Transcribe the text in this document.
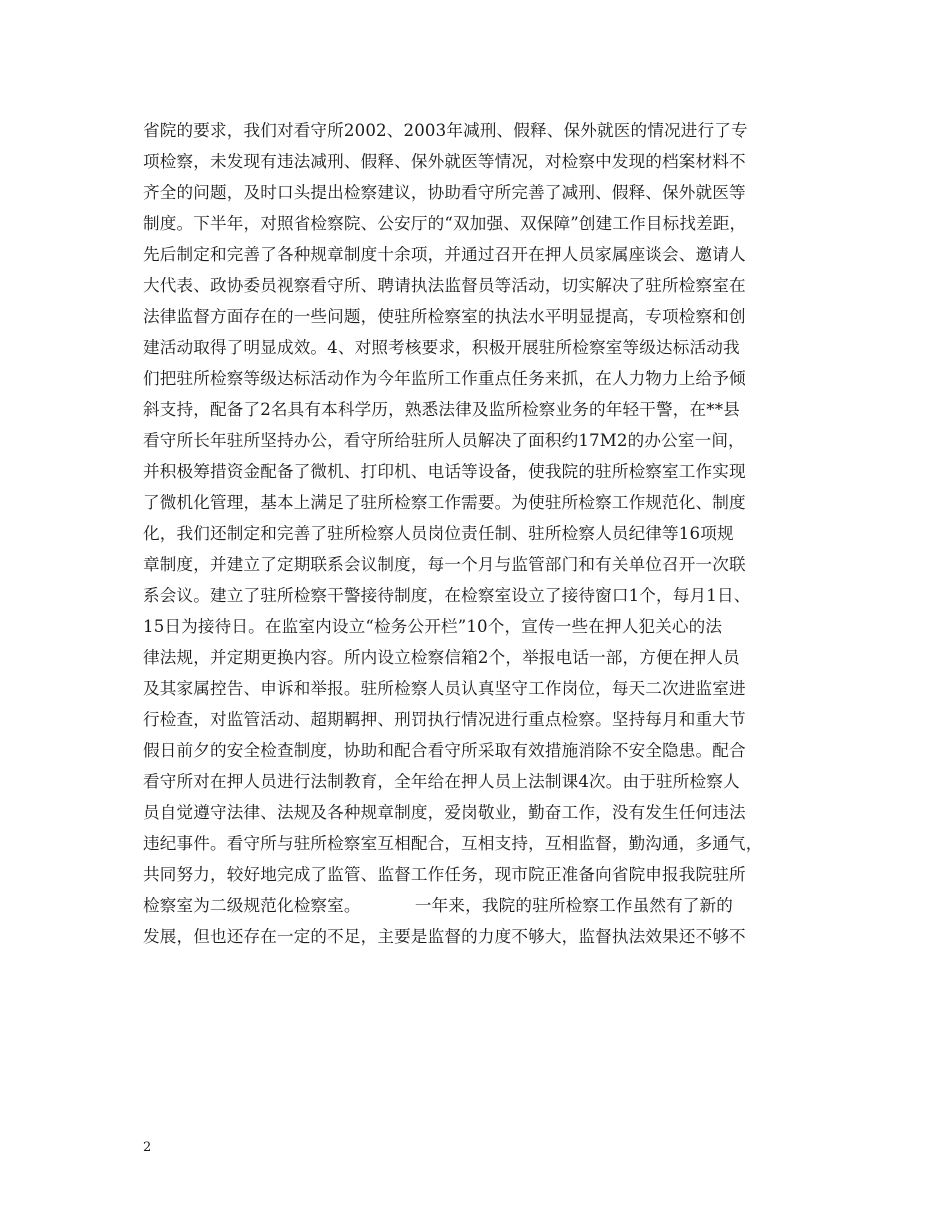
省院的要求，我们对看守所2002、2003年减刑、假释、保外就医的情况进行了专
项检察，未发现有违法减刑、假释、保外就医等情况，对检察中发现的档案材料不
齐全的问题，及时口头提出检察建议，协助看守所完善了减刑、假释、保外就医等
制度。下半年，对照省检察院、公安厅的“双加强、双保障”创建工作目标找差距，
先后制定和完善了各种规章制度十余项，并通过召开在押人员家属座谈会、邀请人
大代表、政协委员视察看守所、聘请执法监督员等活动，切实解决了驻所检察室在
法律监督方面存在的一些问题，使驻所检察室的执法水平明显提高，专项检察和创
建活动取得了明显成效。4、对照考核要求，积极开展驻所检察室等级达标活动我
们把驻所检察等级达标活动作为今年监所工作重点任务来抓，在人力物力上给予倾
斜支持，配备了2名具有本科学历，熟悉法律及监所检察业务的年轻干警，在**县
看守所长年驻所坚持办公，看守所给驻所人员解决了面积约17M2的办公室一间，
并积极筹措资金配备了微机、打印机、电话等设备，使我院的驻所检察室工作实现
了微机化管理，基本上满足了驻所检察工作需要。为使驻所检察工作规范化、制度
化，我们还制定和完善了驻所检察人员岗位责任制、驻所检察人员纪律等16项规
章制度，并建立了定期联系会议制度，每一个月与监管部门和有关单位召开一次联
系会议。建立了驻所检察干警接待制度，在检察室设立了接待窗口1个，每月1日、
15日为接待日。在监室内设立“检务公开栏”10个，宣传一些在押人犯关心的法
律法规，并定期更换内容。所内设立检察信箱2个，举报电话一部，方便在押人员
及其家属控告、申诉和举报。驻所检察人员认真坚守工作岗位，每天二次进监室进
行检查，对监管活动、超期羁押、刑罚执行情况进行重点检察。坚持每月和重大节
假日前夕的安全检查制度，协助和配合看守所采取有效措施消除不安全隐患。配合
看守所对在押人员进行法制教育，全年给在押人员上法制课4次。由于驻所检察人
员自觉遵守法律、法规及各种规章制度，爱岗敬业，勤奋工作，没有发生任何违法
违纪事件。看守所与驻所检察室互相配合，互相支持，互相监督，勤沟通，多通气，
共同努力，较好地完成了监管、监督工作任务，现市院正准备向省院申报我院驻所
检察室为二级规范化检察室。          一年来，我院的驻所检察工作虽然有了新的
发展，但也还存在一定的不足，主要是监督的力度不够大，监督执法效果还不够不
2
